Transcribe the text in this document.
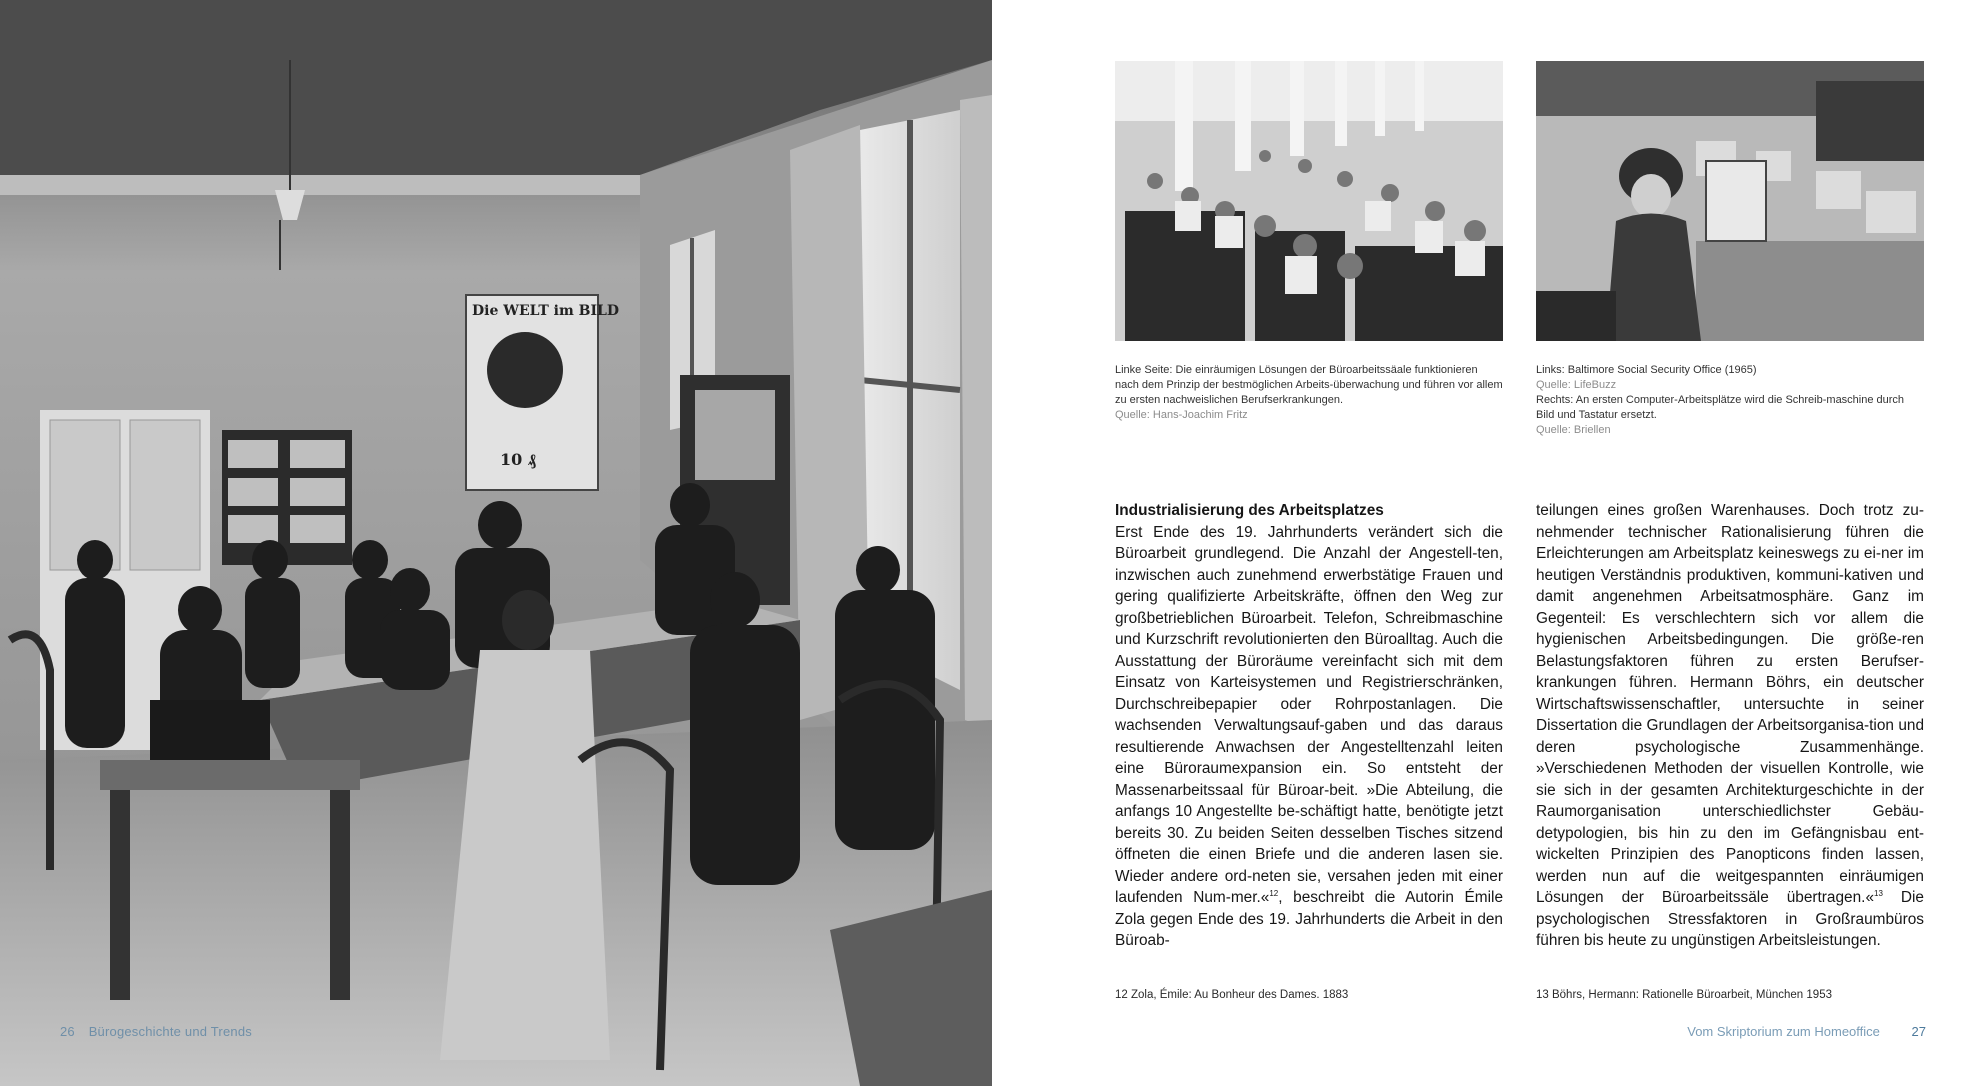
Die WELT im BILD
10 ₰
26 Bürogeschichte und Trends
Linke Seite: Die einräumigen Lösungen der Büroarbeitssäale funktionieren nach dem Prinzip der bestmöglichen Arbeits-überwachung und führen vor allem zu ersten nachweislichen Berufserkrankungen.
Quelle: Hans-Joachim Fritz
Links: Baltimore Social Security Office (1965)
Quelle: LifeBuzz
Rechts: An ersten Computer-Arbeitsplätze wird die Schreib-maschine durch Bild und Tastatur ersetzt.
Quelle: Briellen
Industrialisierung des Arbeitsplatzes

Erst Ende des 19. Jahrhunderts verändert sich die Büroarbeit grundlegend. Die Anzahl der Angestell-ten, inzwischen auch zunehmend erwerbstätige Frauen und gering qualifizierte Arbeitskräfte, öffnen den Weg zur großbetrieblichen Büroarbeit. Telefon, Schreibmaschine und Kurzschrift revolutionierten den Büroalltag. Auch die Ausstattung der Büroräume vereinfacht sich mit dem Einsatz von Karteisystemen und Registrierschränken, Durchschreibepapier oder Rohrpostanlagen. Die wachsenden Verwaltungsauf-gaben und das daraus resultierende Anwachsen der Angestelltenzahl leiten eine Büroraumexpansion ein. So entsteht der Massenarbeitssaal für Büroar-beit. »Die Abteilung, die anfangs 10 Angestellte be-schäftigt hatte, benötigte jetzt bereits 30. Zu beiden Seiten desselben Tisches sitzend öffneten die einen Briefe und die anderen lasen sie. Wieder andere ord-neten sie, versahen jeden mit einer laufenden Num-mer.«$^{12}$, beschreibt die Autorin Émile Zola gegen Ende des 19. Jahrhunderts die Arbeit in den Büroab-

teilungen eines großen Warenhauses. Doch trotz zu-nehmender technischer Rationalisierung führen die Erleichterungen am Arbeitsplatz keineswegs zu ei-ner im heutigen Verständnis produktiven, kommuni-kativen und damit angenehmen Arbeitsatmosphäre. Ganz im Gegenteil: Es verschlechtern sich vor allem die hygienischen Arbeitsbedingungen. Die größe-ren Belastungsfaktoren führen zu ersten Berufser-krankungen führen. Hermann Böhrs, ein deutscher Wirtschaftswissenschaftler, untersuchte in seiner Dissertation die Grundlagen der Arbeitsorganisa-tion und deren psychologische Zusammenhänge. »Verschiedenen Methoden der visuellen Kontrolle, wie sie sich in der gesamten Architekturgeschichte in der Raumorganisation unterschiedlichster Gebäu-detypologien, bis hin zu den im Gefängnisbau ent-wickelten Prinzipien des Panopticons finden lassen, werden nun auf die weitgespannten einräumigen Lösungen der Büroarbeitssäle übertragen.«$^{13}$ Die psychologischen Stressfaktoren in Großraumbüros führen bis heute zu ungünstigen Arbeitsleistungen.

12 Zola, Émile: Au Bonheur des Dames. 1883	13 Böhrs, Hermann: Rationelle Büroarbeit, München 1953
Vom Skriptorium zum Homeoffice 27
